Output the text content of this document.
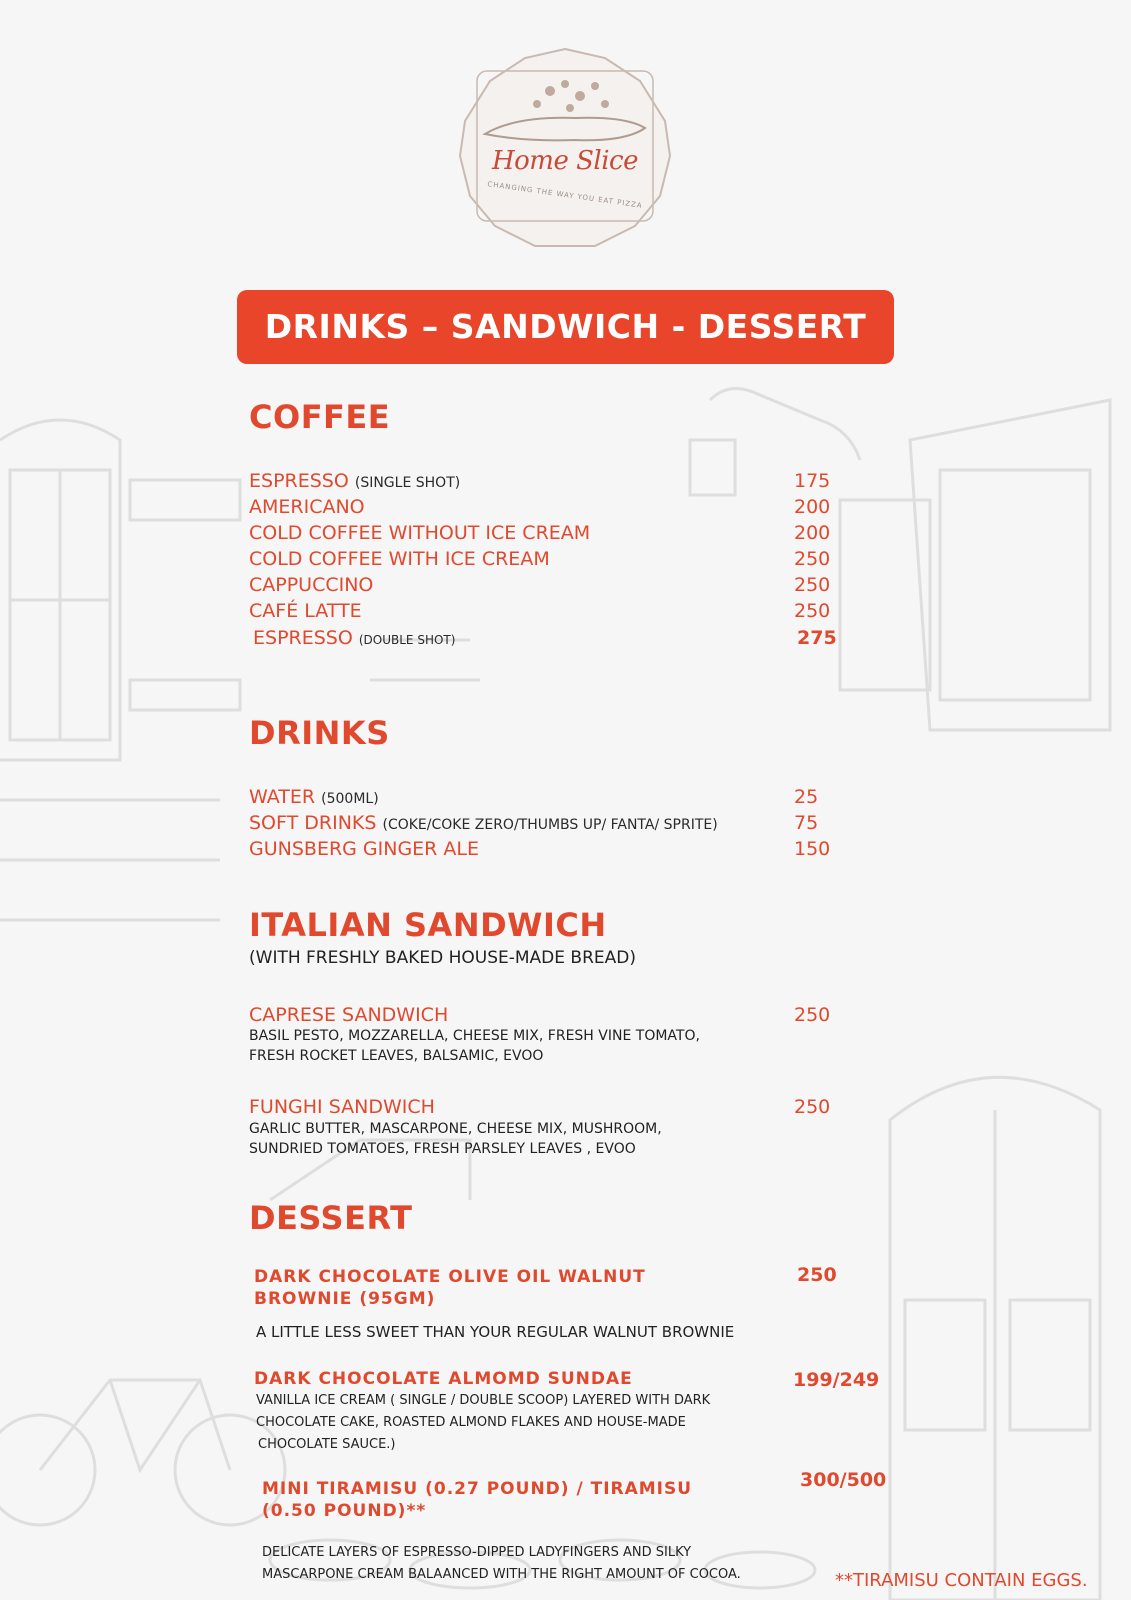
Home Slice
CHANGING THE WAY YOU EAT PIZZA
DRINKS – SANDWICH - DESSERT
COFFEE
ESPRESSO (SINGLE SHOT)	175
AMERICANO	200
COLD COFFEE WITHOUT ICE CREAM	200
COLD COFFEE WITH ICE CREAM	250
CAPPUCCINO	250
CAFÉ LATTE	250
ESPRESSO (DOUBLE SHOT)	275
DRINKS
WATER (500ML)	25
SOFT DRINKS (COKE/COKE ZERO/THUMBS UP/ FANTA/ SPRITE)	75
GUNSBERG GINGER ALE	150
ITALIAN SANDWICH
(WITH FRESHLY BAKED HOUSE-MADE BREAD)
CAPRESE SANDWICH	250
BASIL PESTO, MOZZARELLA, CHEESE MIX, FRESH VINE TOMATO,
FRESH ROCKET LEAVES, BALSAMIC, EVOO
FUNGHI SANDWICH	250
GARLIC BUTTER, MASCARPONE, CHEESE MIX, MUSHROOM,
SUNDRIED TOMATOES, FRESH PARSLEY LEAVES , EVOO
DESSERT
DARK CHOCOLATE OLIVE OIL WALNUT
BROWNIE (95GM)
250
A LITTLE LESS SWEET THAN YOUR REGULAR WALNUT BROWNIE
DARK CHOCOLATE ALMOMD SUNDAE	199/249
VANILLA ICE CREAM ( SINGLE / DOUBLE SCOOP) LAYERED WITH DARK
CHOCOLATE CAKE, ROASTED ALMOND FLAKES AND HOUSE-MADE
CHOCOLATE SAUCE.)
MINI TIRAMISU (0.27 POUND) / TIRAMISU
(0.50 POUND)**
300/500
DELICATE LAYERS OF ESPRESSO-DIPPED LADYFINGERS AND SILKY
MASCARPONE CREAM BALAANCED WITH THE RIGHT AMOUNT OF COCOA.	**TIRAMISU CONTAIN EGGS.
